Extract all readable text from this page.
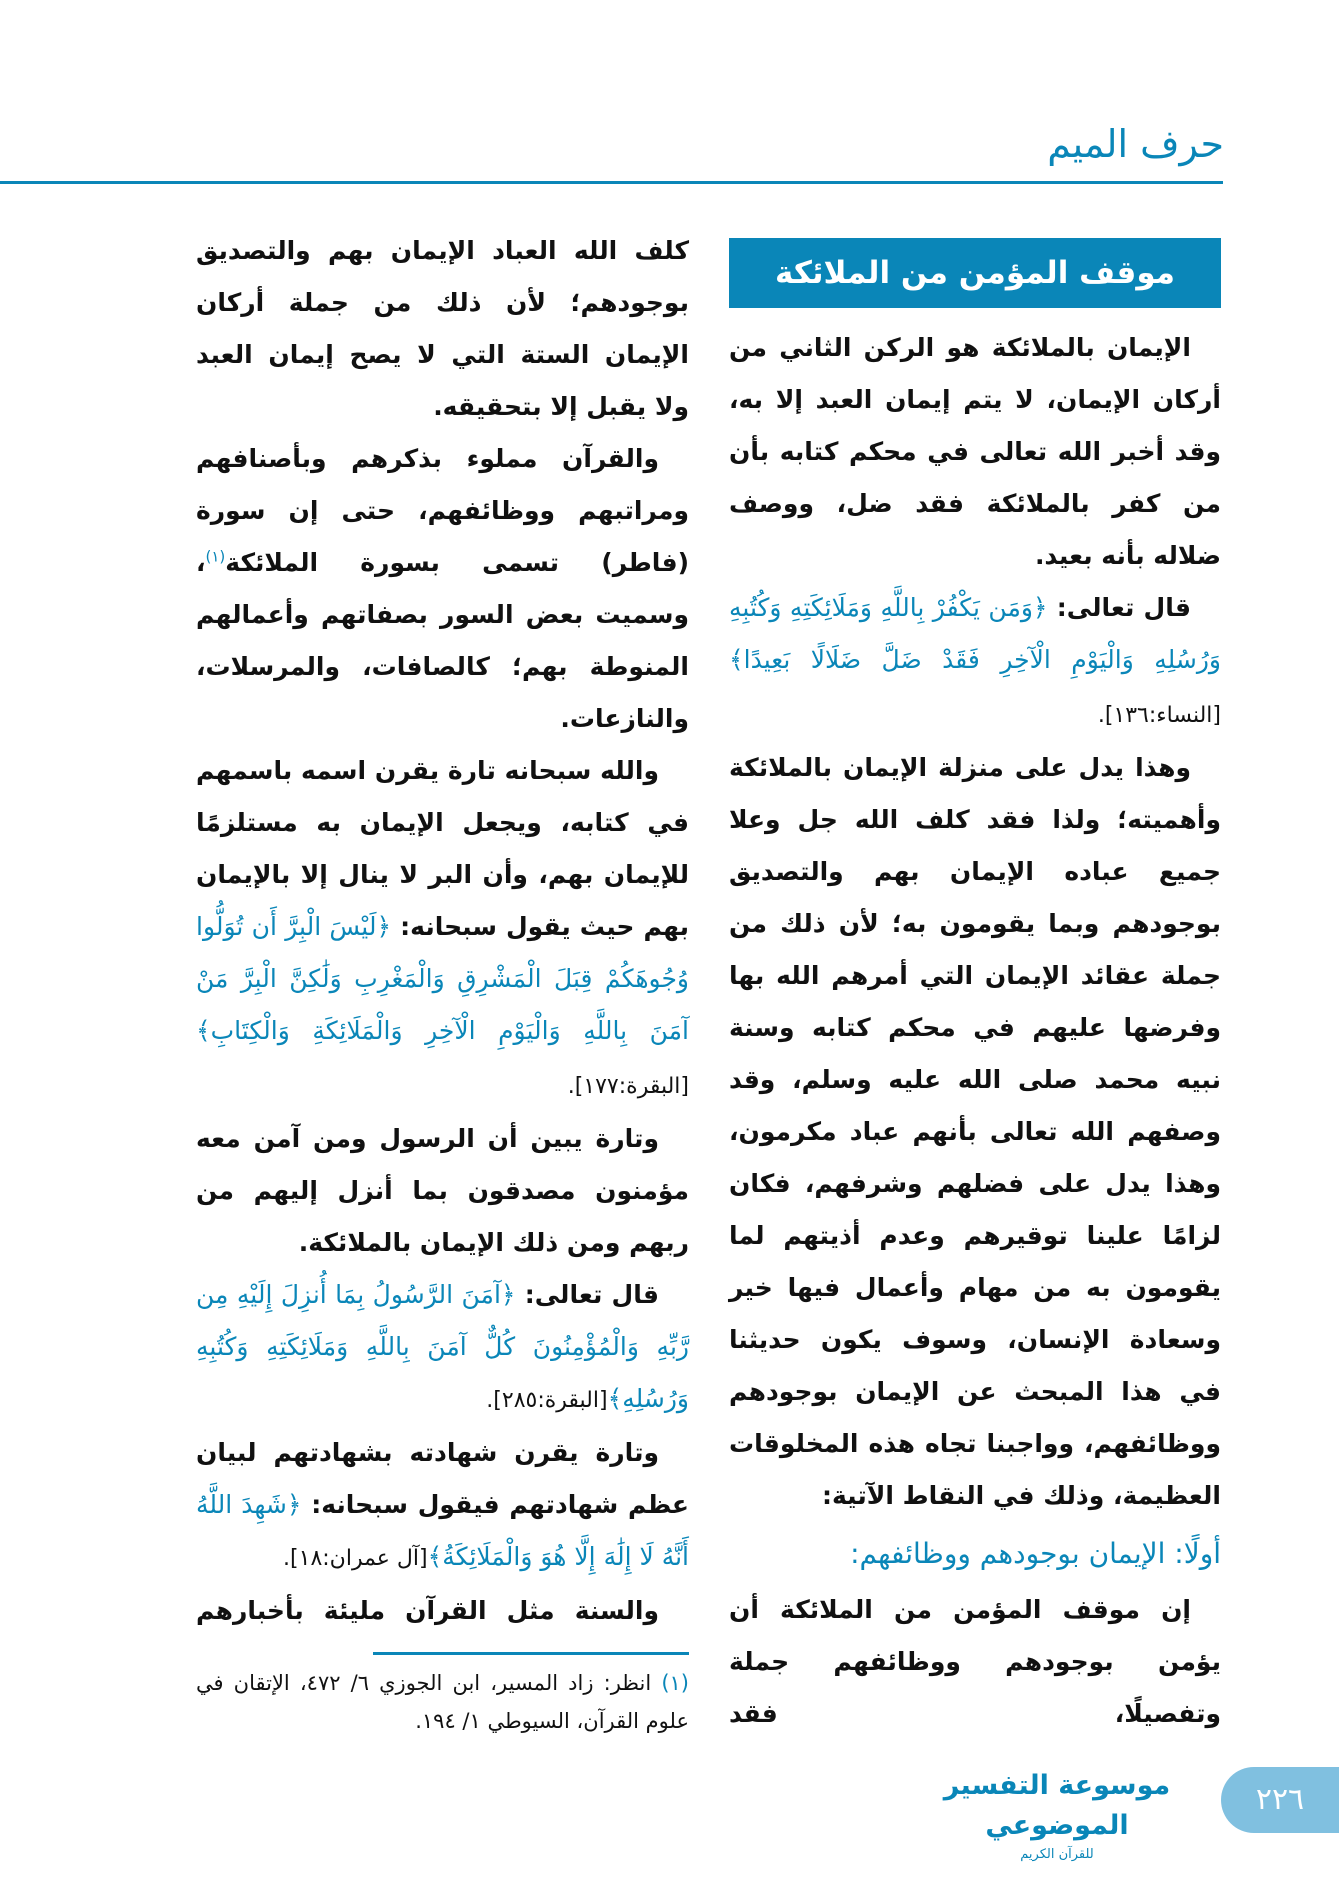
حرف الميم
موقف المؤمن من الملائكة

الإيمان بالملائكة هو الركن الثاني من أركان الإيمان، لا يتم إيمان العبد إلا به، وقد أخبر الله تعالى في محكم كتابه بأن من كفر بالملائكة فقد ضل، ووصف ضلاله بأنه بعيد.

قال تعالى: ﴿وَمَن يَكْفُرْ بِاللَّهِ وَمَلَائِكَتِهِ وَكُتُبِهِ وَرُسُلِهِ وَالْيَوْمِ الْآخِرِ فَقَدْ ضَلَّ ضَلَالًا بَعِيدًا﴾ [النساء:١٣٦].

وهذا يدل على منزلة الإيمان بالملائكة وأهميته؛ ولذا فقد كلف الله جل وعلا جميع عباده الإيمان بهم والتصديق بوجودهم وبما يقومون به؛ لأن ذلك من جملة عقائد الإيمان التي أمرهم الله بها وفرضها عليهم في محكم كتابه وسنة نبيه محمد صلى الله عليه وسلم، وقد وصفهم الله تعالى بأنهم عباد مكرمون، وهذا يدل على فضلهم وشرفهم، فكان لزامًا علينا توقيرهم وعدم أذيتهم لما يقومون به من مهام وأعمال فيها خير وسعادة الإنسان، وسوف يكون حديثنا في هذا المبحث عن الإيمان بوجودهم ووظائفهم، وواجبنا تجاه هذه المخلوقات العظيمة، وذلك في النقاط الآتية:

أولًا: الإيمان بوجودهم ووظائفهم:

إن موقف المؤمن من الملائكة أن يؤمن بوجودهم ووظائفهم جملة وتفصيلًا، فقد

كلف الله العباد الإيمان بهم والتصديق بوجودهم؛ لأن ذلك من جملة أركان الإيمان الستة التي لا يصح إيمان العبد ولا يقبل إلا بتحقيقه.

والقرآن مملوء بذكرهم وبأصنافهم ومراتبهم ووظائفهم، حتى إن سورة (فاطر) تسمى بسورة الملائكة$^{(١)}$، وسميت بعض السور بصفاتهم وأعمالهم المنوطة بهم؛ كالصافات، والمرسلات، والنازعات.

والله سبحانه تارة يقرن اسمه باسمهم في كتابه، ويجعل الإيمان به مستلزمًا للإيمان بهم، وأن البر لا ينال إلا بالإيمان بهم حيث يقول سبحانه: ﴿لَيْسَ الْبِرَّ أَن تُوَلُّوا وُجُوهَكُمْ قِبَلَ الْمَشْرِقِ وَالْمَغْرِبِ وَلَٰكِنَّ الْبِرَّ مَنْ آمَنَ بِاللَّهِ وَالْيَوْمِ الْآخِرِ وَالْمَلَائِكَةِ وَالْكِتَابِ﴾ [البقرة:١٧٧].

وتارة يبين أن الرسول ومن آمن معه مؤمنون مصدقون بما أنزل إليهم من ربهم ومن ذلك الإيمان بالملائكة.

قال تعالى: ﴿آمَنَ الرَّسُولُ بِمَا أُنزِلَ إِلَيْهِ مِن رَّبِّهِ وَالْمُؤْمِنُونَ كُلٌّ آمَنَ بِاللَّهِ وَمَلَائِكَتِهِ وَكُتُبِهِ وَرُسُلِهِ﴾[البقرة:٢٨٥].

وتارة يقرن شهادته بشهادتهم لبيان عظم شهادتهم فيقول سبحانه: ﴿شَهِدَ اللَّهُ أَنَّهُ لَا إِلَٰهَ إِلَّا هُوَ وَالْمَلَائِكَةُ﴾[آل عمران:١٨].

والسنة مثل القرآن مليئة بأخبارهم

(١) انظر: زاد المسير، ابن الجوزي ٦/ ٤٧٢، الإتقان في علوم القرآن، السيوطي ١/ ١٩٤.
٢٢٦
موسوعة التفسير الموضوعي
للقرآن الكريم
